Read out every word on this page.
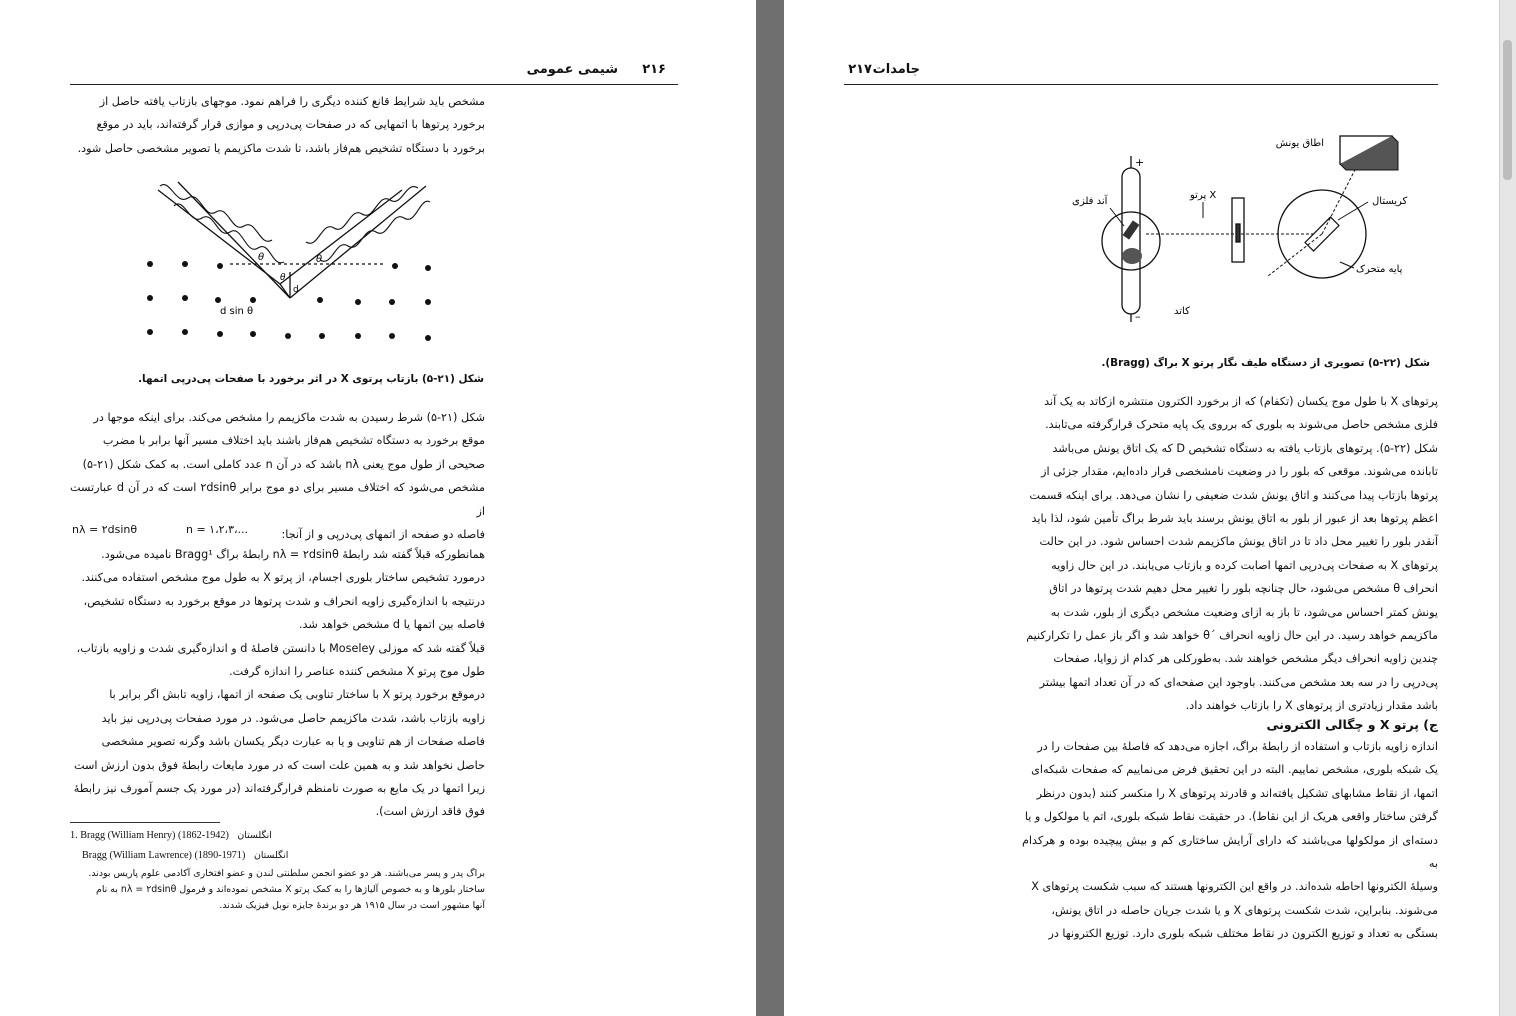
۲۱۶
شیمی عمومی

مشخص باید شرایط قانع کننده دیگری را فراهم نمود. موجهای بازتاب یافته حاصل از

برخورد پرتوها با اتمهایی که در صفحات پی‌درپی و موازی قرار گرفته‌اند، باید در موقع

برخورد با دستگاه تشخیص هم‌فاز باشد، تا شدت ماکزیمم یا تصویر مشخصی حاصل شود.

θ	θ
θ
d
d sin θ
شکل (۲۱-۵) بازتاب پرتوی X در اثر برخورد با صفحات پی‌درپی اتمها.

شکل (۲۱-۵) شرط رسیدن به شدت ماکزیمم را مشخص می‌کند. برای اینکه موجها در

موقع برخورد به دستگاه تشخیص هم‌فاز باشند باید اختلاف مسیر آنها برابر با مضرب

صحیحی از طول موج یعنی nλ باشد که در آن n عدد کاملی است. به کمک شکل (۲۱-۵)

مشخص می‌شود که اختلاف مسیر برای دو موج برابر ۲dsinθ است که در آن d عبارتست از

فاصله دو صفحه از اتمهای پی‌درپی و از آنجا:

nλ = ۲dsinθ	n = ۱،۲،۳،...

همانطورکه قبلاً گفته شد رابطهٔ nλ = ۲dsinθ رابطهٔ براگ Bragg¹ نامیده می‌شود.

درمورد تشخیص ساختار بلوری اجسام، از پرتو X به طول موج مشخص استفاده می‌کنند.

درنتیجه با اندازه‌گیری زاویه انحراف و شدت پرتوها در موقع برخورد به دستگاه تشخیص،

فاصله بین اتمها یا d مشخص خواهد شد.

قبلاً گفته شد که موزلی Moseley با دانستن فاصلهٔ d و اندازه‌گیری شدت و زاویه بازتاب،

طول موج پرتو X مشخص کننده عناصر را اندازه گرفت.

درموقع برخورد پرتو X با ساختار تناوبی یک صفحه از اتمها، زاویه تابش اگر برابر با

زاویه بازتاب باشد، شدت ماکزیمم حاصل می‌شود. در مورد صفحات پی‌درپی نیز باید

فاصله صفحات از هم تناوبی و یا به عبارت دیگر یکسان باشد وگرنه تصویر مشخصی

حاصل نخواهد شد و به همین علت است که در مورد مایعات رابطهٔ فوق بدون ارزش است

زیرا اتمها در یک مایع به صورت نامنظم قرارگرفته‌اند (در مورد یک جسم آمورف نیز رابطهٔ

فوق فاقد ارزش است).

1. Bragg (William Henry) (1862-1942) انگلستان
Bragg (William Lawrence) (1890-1971) انگلستان
براگ پدر و پسر می‌باشند. هر دو عضو انجمن سلطنتی لندن و عضو افتخاری آکادمی علوم پاریس بودند.
ساختار بلورها و به خصوص آلیاژها را به کمک پرتو X مشخص نموده‌اند و فرمول nλ = ۲dsinθ به نام
آنها مشهور است در سال ۱۹۱۵ هر دو برندهٔ جایزه نوبل فیزیک شدند.
جامدات
۲۱۷
+
–
آند فلزی
کاتد
پرتو X
اطاق یونش
کریستال
پایه متحرک
شکل (۲۲-۵) تصویری از دستگاه طیف نگار پرتو X براگ (Bragg).

پرتوهای X با طول موج یکسان (تکفام) که از برخورد الکترون منتشره ازکاتد به یک آند

فلزی مشخص حاصل می‌شوند به بلوری که برروی یک پایه متحرک قرارگرفته می‌تابند.

شکل (۲۲-۵). پرتوهای بازتاب یافته به دستگاه تشخیص D که یک اتاق یونش می‌باشد

تابانده می‌شوند. موقعی که بلور را در وضعیت نامشخصی قرار داده‌ایم، مقدار جزئی از

پرتوها بازتاب پیدا می‌کنند و اتاق یونش شدت ضعیفی را نشان می‌دهد. برای اینکه قسمت

اعظم پرتوها بعد از عبور از بلور به اتاق یونش برسند باید شرط براگ تأمین شود، لذا باید

آنقدر بلور را تغییر محل داد تا در اتاق یونش ماکزیمم شدت احساس شود. در این حالت

پرتوهای X به صفحات پی‌درپی اتمها اصابت کرده و بازتاب می‌یابند. در این حال زاویه

انحراف θ مشخص می‌شود، حال چنانچه بلور را تغییر محل دهیم شدت پرتوها در اتاق

یونش کمتر احساس می‌شود، تا باز به ازای وضعیت مشخص دیگری از بلور، شدت به

ماکزیمم خواهد رسید. در این حال زاویه انحراف ´θ خواهد شد و اگر باز عمل را تکرارکنیم

چندین زاویه انحراف دیگر مشخص خواهند شد. به‌طورکلی هر کدام از زوایا، صفحات

پی‌درپی را در سه بعد مشخص می‌کنند. باوجود این صفحه‌ای که در آن تعداد اتمها بیشتر

باشد مقدار زیادتری از پرتوهای X را بازتاب خواهند داد.

ج) پرتو X و چگالی الکترونی

اندازه زاویه بازتاب و استفاده از رابطهٔ براگ، اجازه می‌دهد که فاصلهٔ بین صفحات را در

یک شبکه بلوری، مشخص نماییم. البته در این تحقیق فرض می‌نماییم که صفحات شبکه‌ای

اتمها، از نقاط مشابهای تشکیل یافته‌اند و قادرند پرتوهای X را منکسر کنند (بدون درنظر

گرفتن ساختار واقعی هریک از این نقاط). در حقیقت نقاط شبکه بلوری، اتم یا مولکول و یا

دسته‌ای از مولکولها می‌باشند که دارای آرایش ساختاری کم و بیش پیچیده بوده و هرکدام به

وسیلهٔ الکترونها احاطه شده‌اند. در واقع این الکترونها هستند که سبب شکست پرتوهای X

می‌شوند. بنابراین، شدت شکست پرتوهای X و یا شدت جریان حاصله در اتاق یونش،

بستگی به تعداد و توزیع الکترون در نقاط مختلف شبکه بلوری دارد. توزیع الکترونها در
